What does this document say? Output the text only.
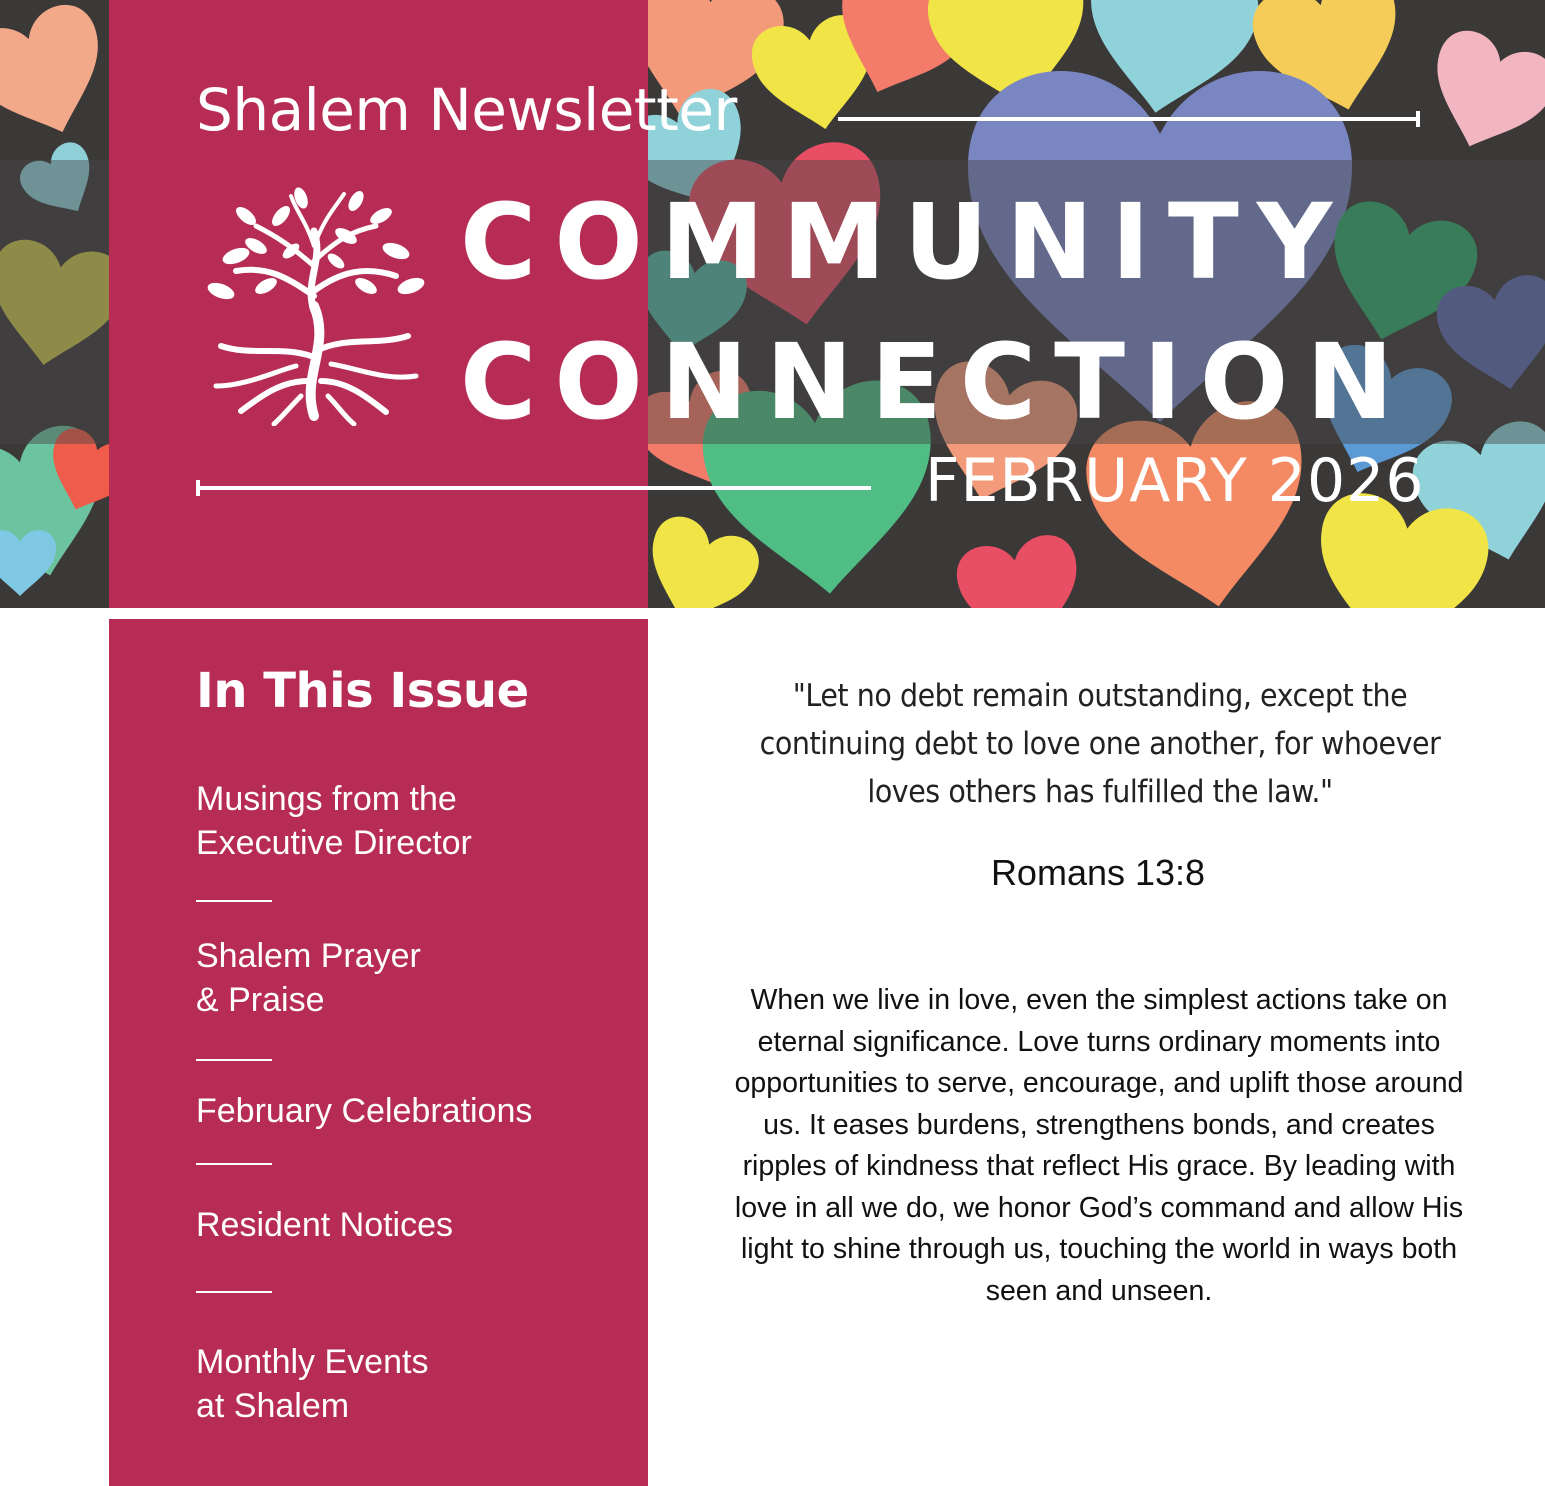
Shalem Newsletter
COMMUNITY
CONNECTION
FEBRUARY 2026
In This Issue
Musings from the
Executive Director
Shalem Prayer
& Praise
February Celebrations
Resident Notices
Monthly Events
at Shalem
"Let no debt remain outstanding, except the continuing debt to love one another, for whoever loves others has fulfilled the law."
Romans 13:8
When we live in love, even the simplest actions take on eternal significance. Love turns ordinary moments into opportunities to serve, encourage, and uplift those around us. It eases burdens, strengthens bonds, and creates ripples of kindness that reflect His grace. By leading with love in all we do, we honor God’s command and allow His light to shine through us, touching the world in ways both seen and unseen.
